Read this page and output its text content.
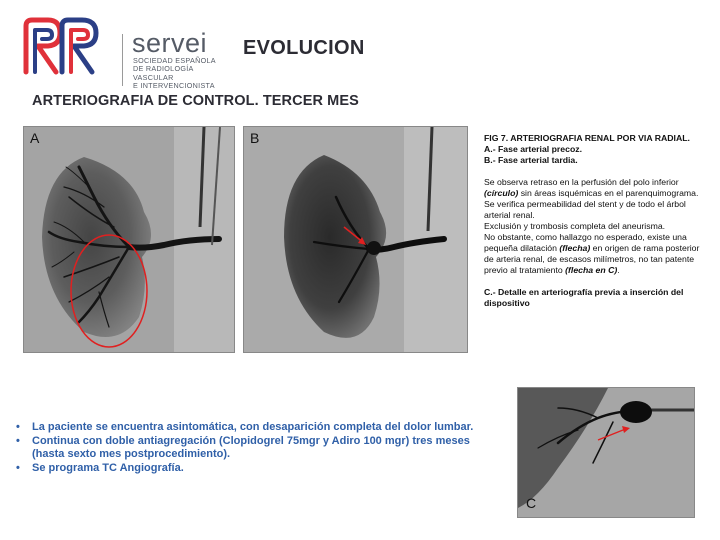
servei
SOCIEDAD ESPAÑOLA
DE RADIOLOGÍA
VASCULAR
E INTERVENCIONISTA
EVOLUCION
ARTERIOGRAFIA DE CONTROL. TERCER MES
A	B
C

FIG 7. ARTERIOGRAFIA RENAL POR VIA RADIAL.

A.- Fase arterial precoz.

B.- Fase arterial tardia.

Se observa retraso en la perfusión del polo inferior (círculo) sin áreas isquémicas en el parenquimograma.

Se verifica permeabilidad del stent y de todo el árbol arterial renal.

Exclusión y trombosis completa del aneurisma.

No obstante, como hallazgo no esperado, existe una pequeña dilatación (flecha) en origen de rama posterior de arteria renal, de escasos milímetros, no tan patente previo al tratamiento (flecha en C).

C.- Detalle en arteriografía previa a inserción del dispositivo

• La paciente se encuentra asintomática, con desaparición completa del dolor lumbar.
• Continua con doble antiagregación (Clopidogrel 75mgr y Adiro 100 mgr) tres meses (hasta sexto mes postprocedimiento).
• Se programa TC Angiografía.
